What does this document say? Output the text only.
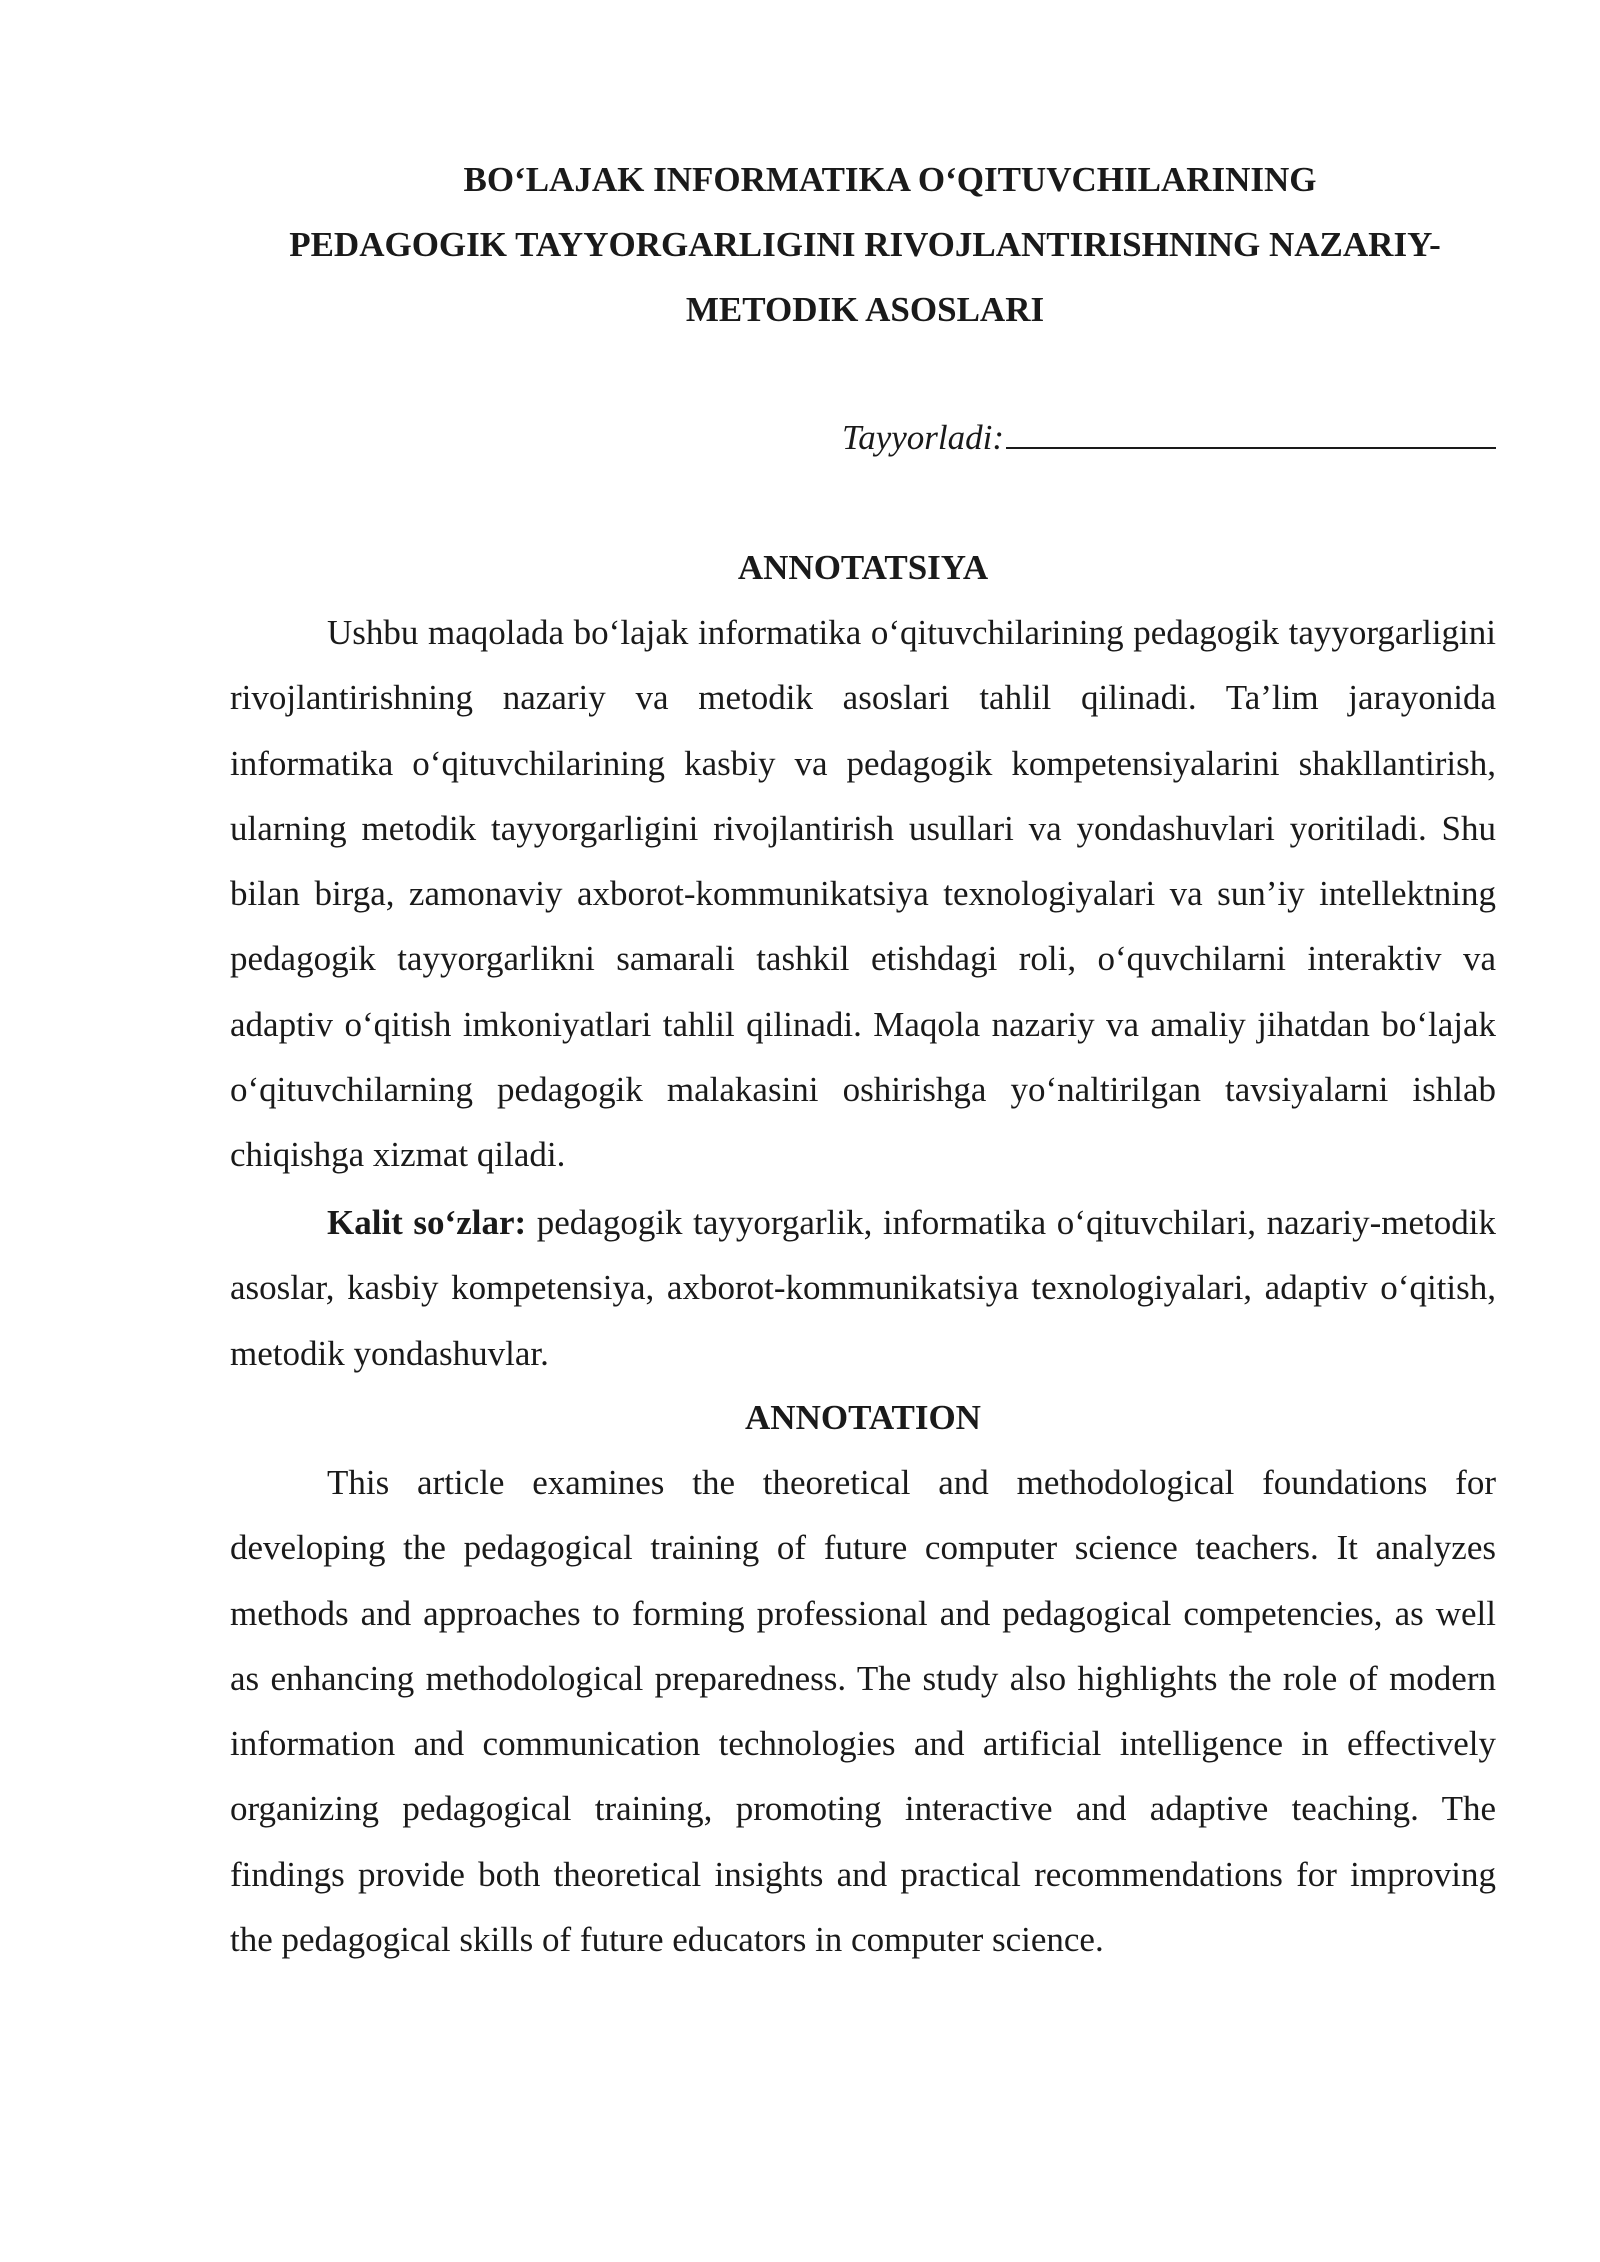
BO‘LAJAK INFORMATIKA O‘QITUVCHILARINING
PEDAGOGIK TAYYORGARLIGINI RIVOJLANTIRISHNING NAZARIY-
METODIK ASOSLARI
Tayyorladi:
ANNOTATSIYA

Ushbu maqolada bo‘lajak informatika o‘qituvchilarining pedagogik tayyorgarligini rivojlantirishning nazariy va metodik asoslari tahlil qilinadi. Ta’lim jarayonida informatika o‘qituvchilarining kasbiy va pedagogik kompetensiyalarini shakllantirish, ularning metodik tayyorgarligini rivojlantirish usullari va yondashuvlari yoritiladi. Shu bilan birga, zamonaviy axborot-kommunikatsiya texnologiyalari va sun’iy intellektning pedagogik tayyorgarlikni samarali tashkil etishdagi roli, o‘quvchilarni interaktiv va adaptiv o‘qitish imkoniyatlari tahlil qilinadi. Maqola nazariy va amaliy jihatdan bo‘lajak o‘qituvchilarning pedagogik malakasini oshirishga yo‘naltirilgan tavsiyalarni ishlab chiqishga xizmat qiladi.

Kalit so‘zlar: pedagogik tayyorgarlik, informatika o‘qituvchilari, nazariy-metodik asoslar, kasbiy kompetensiya, axborot-kommunikatsiya texnologiyalari, adaptiv o‘qitish, metodik yondashuvlar.

ANNOTATION

This article examines the theoretical and methodological foundations for developing the pedagogical training of future computer science teachers. It analyzes methods and approaches to forming professional and pedagogical competencies, as well as enhancing methodological preparedness. The study also highlights the role of modern information and communication technologies and artificial intelligence in effectively organizing pedagogical training, promoting interactive and adaptive teaching. The findings provide both theoretical insights and practical recommendations for improving the pedagogical skills of future educators in computer science.
